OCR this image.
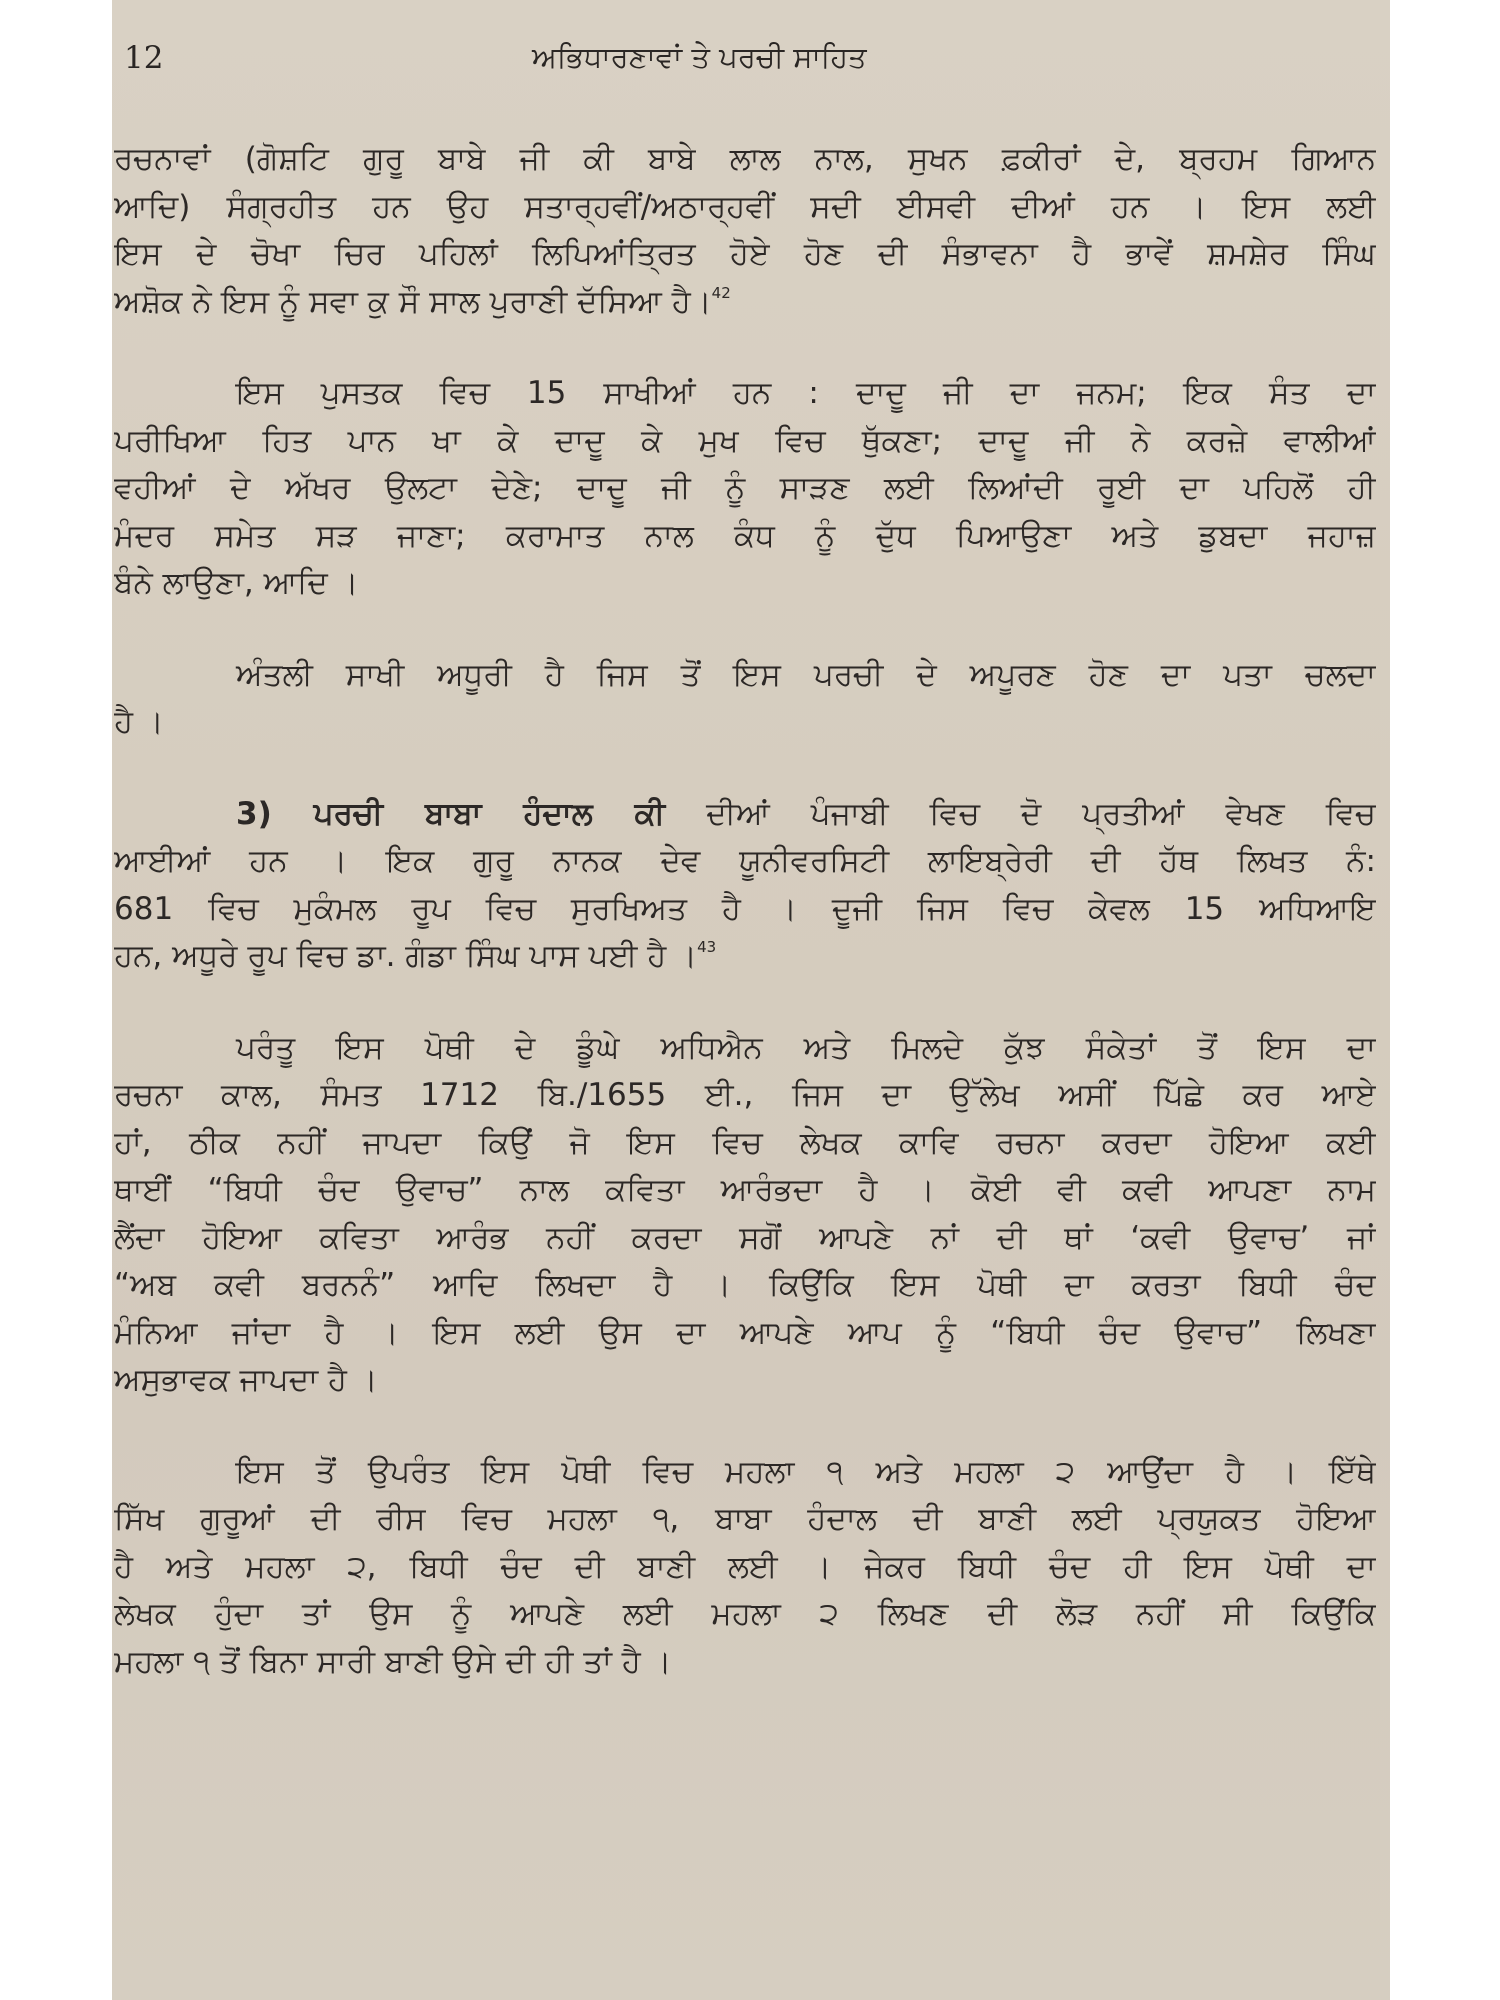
12	ਅਭਿਧਾਰਣਾਵਾਂ ਤੇ ਪਰਚੀ ਸਾਹਿਤ
ਰਚਨਾਵਾਂ (ਗੋਸ਼ਟਿ ਗੁਰੂ ਬਾਬੇ ਜੀ ਕੀ ਬਾਬੇ ਲਾਲ ਨਾਲ, ਸੁਖਨ ਫ਼ਕੀਰਾਂ ਦੇ, ਬ੍ਰਹਮ ਗਿਆਨ
ਆਦਿ) ਸੰਗ੍ਰਹੀਤ ਹਨ ਉਹ ਸਤਾਰ੍ਹਵੀਂ/ਅਠਾਰ੍ਹਵੀਂ ਸਦੀ ਈਸਵੀ ਦੀਆਂ ਹਨ । ਇਸ ਲਈ
ਇਸ ਦੇ ਚੋਖਾ ਚਿਰ ਪਹਿਲਾਂ ਲਿਪਿਆਂਤ੍ਰਿਤ ਹੋਏ ਹੋਣ ਦੀ ਸੰਭਾਵਨਾ ਹੈ ਭਾਵੇਂ ਸ਼ਮਸ਼ੇਰ ਸਿੰਘ
ਅਸ਼ੋਕ ਨੇ ਇਸ ਨੂੰ ਸਵਾ ਕੁ ਸੌ ਸਾਲ ਪੁਰਾਣੀ ਦੱਸਿਆ ਹੈ।$^{42}$
ਇਸ ਪੁਸਤਕ ਵਿਚ 15 ਸਾਖੀਆਂ ਹਨ : ਦਾਦੂ ਜੀ ਦਾ ਜਨਮ; ਇਕ ਸੰਤ ਦਾ
ਪਰੀਖਿਆ ਹਿਤ ਪਾਨ ਖਾ ਕੇ ਦਾਦੂ ਕੇ ਮੁਖ ਵਿਚ ਥੁੱਕਣਾ; ਦਾਦੂ ਜੀ ਨੇ ਕਰਜ਼ੇ ਵਾਲੀਆਂ
ਵਹੀਆਂ ਦੇ ਅੱਖਰ ਉਲਟਾ ਦੇਣੇ; ਦਾਦੂ ਜੀ ਨੂੰ ਸਾੜਣ ਲਈ ਲਿਆਂਦੀ ਰੂਈ ਦਾ ਪਹਿਲੋਂ ਹੀ
ਮੰਦਰ ਸਮੇਤ ਸੜ ਜਾਣਾ; ਕਰਾਮਾਤ ਨਾਲ ਕੰਧ ਨੂੰ ਦੁੱਧ ਪਿਆਉਣਾ ਅਤੇ ਡੁਬਦਾ ਜਹਾਜ਼
ਬੰਨੇ ਲਾਉਣਾ, ਆਦਿ ।
ਅੰਤਲੀ ਸਾਖੀ ਅਧੂਰੀ ਹੈ ਜਿਸ ਤੋਂ ਇਸ ਪਰਚੀ ਦੇ ਅਪੂਰਣ ਹੋਣ ਦਾ ਪਤਾ ਚਲਦਾ
ਹੈ ।
3) ਪਰਚੀ ਬਾਬਾ ਹੰਦਾਲ ਕੀ ਦੀਆਂ ਪੰਜਾਬੀ ਵਿਚ ਦੋ ਪ੍ਰਤੀਆਂ ਵੇਖਣ ਵਿਚ
ਆਈਆਂ ਹਨ । ਇਕ ਗੁਰੂ ਨਾਨਕ ਦੇਵ ਯੂਨੀਵਰਸਿਟੀ ਲਾਇਬ੍ਰੇਰੀ ਦੀ ਹੱਥ ਲਿਖਤ ਨੰ:
681 ਵਿਚ ਮੁਕੰਮਲ ਰੂਪ ਵਿਚ ਸੁਰਖਿਅਤ ਹੈ । ਦੂਜੀ ਜਿਸ ਵਿਚ ਕੇਵਲ 15 ਅਧਿਆਇ
ਹਨ, ਅਧੂਰੇ ਰੂਪ ਵਿਚ ਡਾ. ਗੰਡਾ ਸਿੰਘ ਪਾਸ ਪਈ ਹੈ ।$^{43}$
ਪਰੰਤੂ ਇਸ ਪੋਥੀ ਦੇ ਡੂੰਘੇ ਅਧਿਐਨ ਅਤੇ ਮਿਲਦੇ ਕੁੱਝ ਸੰਕੇਤਾਂ ਤੋਂ ਇਸ ਦਾ
ਰਚਨਾ ਕਾਲ, ਸੰਮਤ 1712 ਬਿ./1655 ਈ., ਜਿਸ ਦਾ ਉੱਲੇਖ ਅਸੀਂ ਪਿੱਛੇ ਕਰ ਆਏ
ਹਾਂ, ਠੀਕ ਨਹੀਂ ਜਾਪਦਾ ਕਿਉਂ ਜੋ ਇਸ ਵਿਚ ਲੇਖਕ ਕਾਵਿ ਰਚਨਾ ਕਰਦਾ ਹੋਇਆ ਕਈ
ਥਾਈਂ “ਬਿਧੀ ਚੰਦ ਉਵਾਚ” ਨਾਲ ਕਵਿਤਾ ਆਰੰਭਦਾ ਹੈ । ਕੋਈ ਵੀ ਕਵੀ ਆਪਣਾ ਨਾਮ
ਲੈਂਦਾ ਹੋਇਆ ਕਵਿਤਾ ਆਰੰਭ ਨਹੀਂ ਕਰਦਾ ਸਗੋਂ ਆਪਣੇ ਨਾਂ ਦੀ ਥਾਂ ‘ਕਵੀ ਉਵਾਚ’ ਜਾਂ
“ਅਬ ਕਵੀ ਬਰਨਨੰ” ਆਦਿ ਲਿਖਦਾ ਹੈ । ਕਿਉਂਕਿ ਇਸ ਪੋਥੀ ਦਾ ਕਰਤਾ ਬਿਧੀ ਚੰਦ
ਮੰਨਿਆ ਜਾਂਦਾ ਹੈ । ਇਸ ਲਈ ਉਸ ਦਾ ਆਪਣੇ ਆਪ ਨੂੰ “ਬਿਧੀ ਚੰਦ ਉਵਾਚ” ਲਿਖਣਾ
ਅਸੁਭਾਵਕ ਜਾਪਦਾ ਹੈ ।
ਇਸ ਤੋਂ ਉਪਰੰਤ ਇਸ ਪੋਥੀ ਵਿਚ ਮਹਲਾ ੧ ਅਤੇ ਮਹਲਾ ੨ ਆਉਂਦਾ ਹੈ । ਇੱਥੇ
ਸਿੱਖ ਗੁਰੂਆਂ ਦੀ ਰੀਸ ਵਿਚ ਮਹਲਾ ੧, ਬਾਬਾ ਹੰਦਾਲ ਦੀ ਬਾਣੀ ਲਈ ਪ੍ਰਯੁਕਤ ਹੋਇਆ
ਹੈ ਅਤੇ ਮਹਲਾ ੨, ਬਿਧੀ ਚੰਦ ਦੀ ਬਾਣੀ ਲਈ । ਜੇਕਰ ਬਿਧੀ ਚੰਦ ਹੀ ਇਸ ਪੋਥੀ ਦਾ
ਲੇਖਕ ਹੁੰਦਾ ਤਾਂ ਉਸ ਨੂੰ ਆਪਣੇ ਲਈ ਮਹਲਾ ੨ ਲਿਖਣ ਦੀ ਲੋੜ ਨਹੀਂ ਸੀ ਕਿਉਂਕਿ
ਮਹਲਾ ੧ ਤੋਂ ਬਿਨਾ ਸਾਰੀ ਬਾਣੀ ਉਸੇ ਦੀ ਹੀ ਤਾਂ ਹੈ ।
